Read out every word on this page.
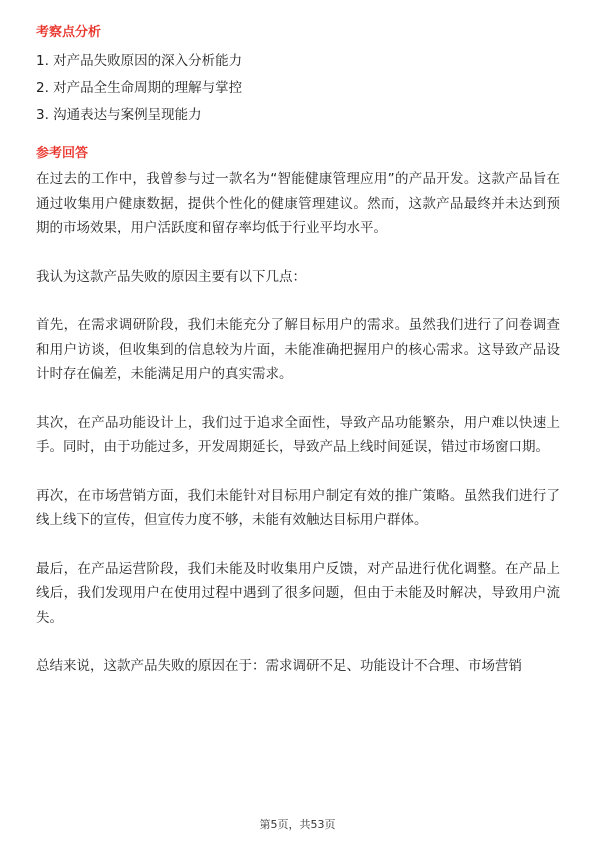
考察点分析
1. 对产品失败原因的深入分析能力
2. 对产品全生命周期的理解与掌控
3. 沟通表达与案例呈现能力
参考回答

在过去的工作中，我曾参与过一款名为“智能健康管理应用”的产品开发。这款产品旨在通过收集用户健康数据，提供个性化的健康管理建议。然而，这款产品最终并未达到预期的市场效果，用户活跃度和留存率均低于行业平均水平。

我认为这款产品失败的原因主要有以下几点：

首先，在需求调研阶段，我们未能充分了解目标用户的需求。虽然我们进行了问卷调查和用户访谈，但收集到的信息较为片面，未能准确把握用户的核心需求。这导致产品设计时存在偏差，未能满足用户的真实需求。

其次，在产品功能设计上，我们过于追求全面性，导致产品功能繁杂，用户难以快速上手。同时，由于功能过多，开发周期延长，导致产品上线时间延误，错过市场窗口期。

再次，在市场营销方面，我们未能针对目标用户制定有效的推广策略。虽然我们进行了线上线下的宣传，但宣传力度不够，未能有效触达目标用户群体。

最后，在产品运营阶段，我们未能及时收集用户反馈，对产品进行优化调整。在产品上线后，我们发现用户在使用过程中遇到了很多问题，但由于未能及时解决，导致用户流失。

总结来说，这款产品失败的原因在于：需求调研不足、功能设计不合理、市场营销

第5页，共53页
